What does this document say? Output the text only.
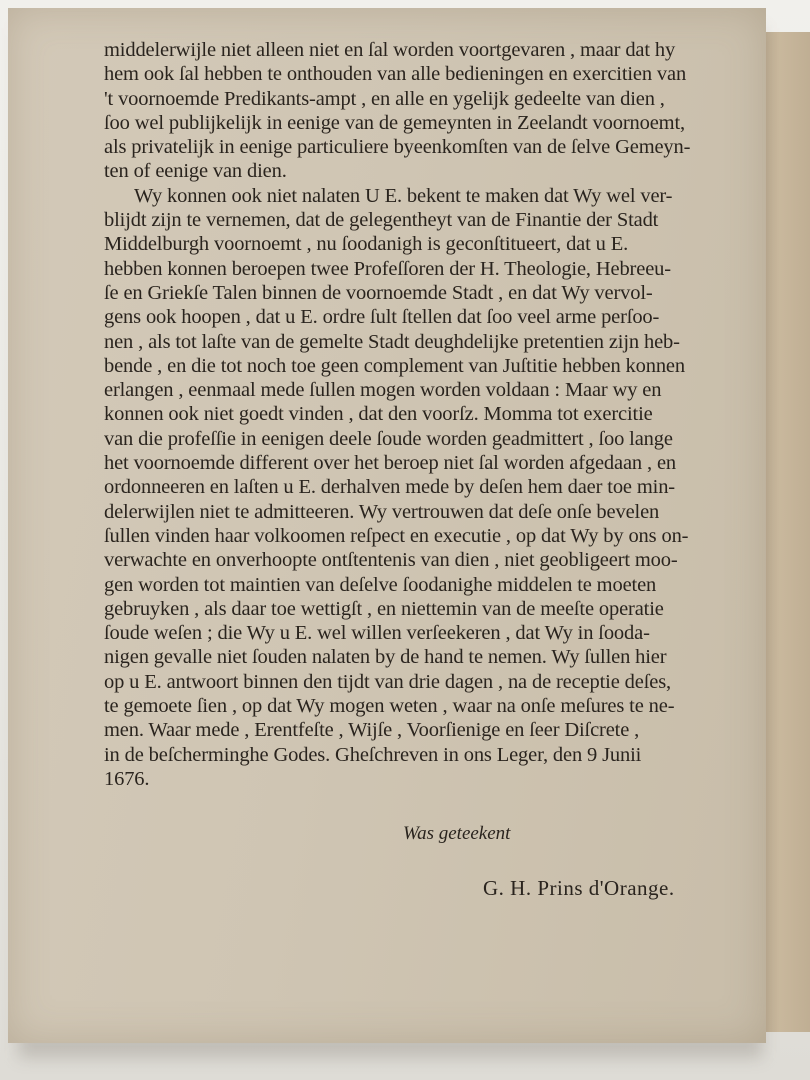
middelerwijle niet alleen niet en ſal worden voortgevaren , maar dat hy
hem ook ſal hebben te onthouden van alle bedieningen en exercitien van
't voornoemde Predikants-ampt , en alle en ygelijk gedeelte van dien ,
ſoo wel publijkelijk in eenige van de gemeynten in Zeelandt voornoemt,
als privatelijk in eenige particuliere byeenkomſten van de ſelve Gemeyn-
ten of eenige van dien.
Wy konnen ook niet nalaten U E. bekent te maken dat Wy wel ver-
blijdt zijn te vernemen, dat de gelegentheyt van de Finantie der Stadt
Middelburgh voornoemt , nu ſoodanigh is geconſtitueert, dat u E.
hebben konnen beroepen twee Profeſſoren der H. Theologie, Hebreeu-
ſe en Griekſe Talen binnen de voornoemde Stadt , en dat Wy vervol-
gens ook hoopen , dat u E. ordre ſult ſtellen dat ſoo veel arme perſoo-
nen , als tot laſte van de gemelte Stadt deughdelijke pretentien zijn heb-
bende , en die tot noch toe geen complement van Juſtitie hebben konnen
erlangen , eenmaal mede ſullen mogen worden voldaan : Maar wy en
konnen ook niet goedt vinden , dat den voorſz. Momma tot exercitie
van die profeſſie in eenigen deele ſoude worden geadmittert , ſoo lange
het voornoemde different over het beroep niet ſal worden afgedaan , en
ordonneeren en laſten u E. derhalven mede by deſen hem daer toe min-
delerwijlen niet te admitteeren. Wy vertrouwen dat deſe onſe bevelen
ſullen vinden haar volkoomen reſpect en executie , op dat Wy by ons on-
verwachte en onverhoopte ontſtentenis van dien , niet geobligeert moo-
gen worden tot maintien van deſelve ſoodanighe middelen te moeten
gebruyken , als daar toe wettigſt , en niettemin van de meeſte operatie
ſoude weſen ; die Wy u E. wel willen verſeekeren , dat Wy in ſooda-
nigen gevalle niet ſouden nalaten by de hand te nemen. Wy ſullen hier
op u E. antwoort binnen den tijdt van drie dagen , na de receptie deſes,
te gemoete ſien , op dat Wy mogen weten , waar na onſe meſures te ne-
men. Waar mede , Erentfeſte , Wijſe , Voorſienige en ſeer Diſcrete ,
in de beſcherminghe Godes. Gheſchreven in ons Leger, den 9 Junii
1676.
Was geteekent
G. H. Prins d'Orange.
